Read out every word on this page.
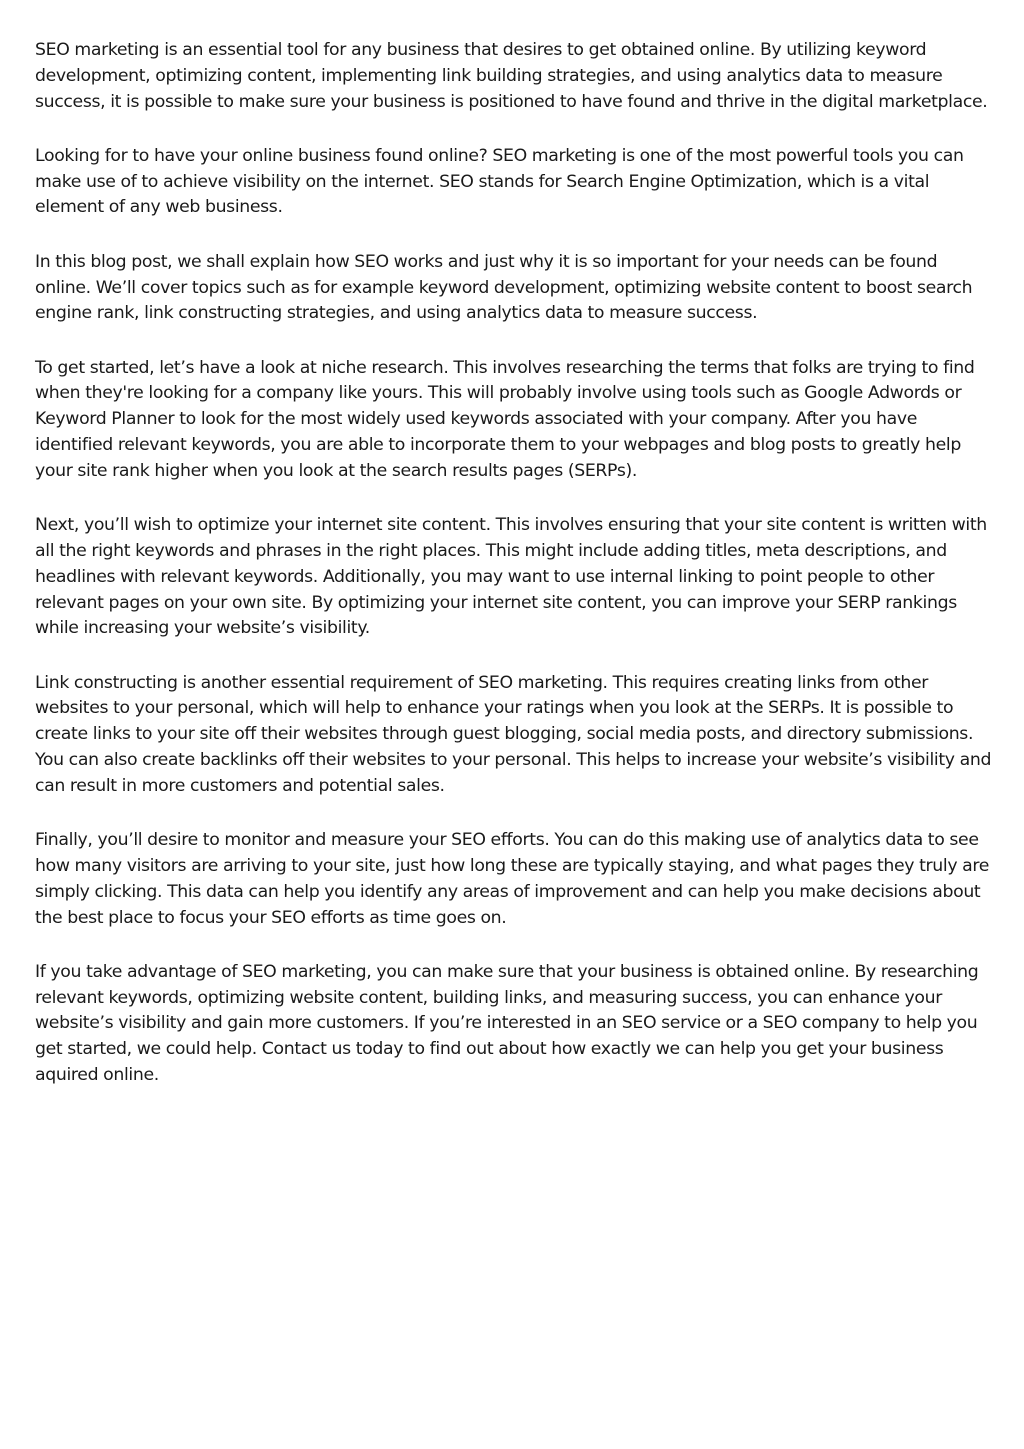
SEO marketing is an essential tool for any business that desires to get obtained online. By utilizing keyword development, optimizing content, implementing link building strategies, and using analytics data to measure success, it is possible to make sure your business is positioned to have found and thrive in the digital marketplace.

Looking for to have your online business found online? SEO marketing is one of the most powerful tools you can make use of to achieve visibility on the internet. SEO stands for Search Engine Optimization, which is a vital element of any web business.

In this blog post, we shall explain how SEO works and just why it is so important for your needs can be found online. We’ll cover topics such as for example keyword development, optimizing website content to boost search engine rank, link constructing strategies, and using analytics data to measure success.

To get started, let’s have a look at niche research. This involves researching the terms that folks are trying to find when they're looking for a company like yours. This will probably involve using tools such as Google Adwords or Keyword Planner to look for the most widely used keywords associated with your company. After you have identified relevant keywords, you are able to incorporate them to your webpages and blog posts to greatly help your site rank higher when you look at the search results pages (SERPs).

Next, you’ll wish to optimize your internet site content. This involves ensuring that your site content is written with all the right keywords and phrases in the right places. This might include adding titles, meta descriptions, and headlines with relevant keywords. Additionally, you may want to use internal linking to point people to other relevant pages on your own site. By optimizing your internet site content, you can improve your SERP rankings while increasing your website’s visibility.

Link constructing is another essential requirement of SEO marketing. This requires creating links from other websites to your personal, which will help to enhance your ratings when you look at the SERPs. It is possible to create links to your site off their websites through guest blogging, social media posts, and directory submissions. You can also create backlinks off their websites to your personal. This helps to increase your website’s visibility and can result in more customers and potential sales.

Finally, you’ll desire to monitor and measure your SEO efforts. You can do this making use of analytics data to see how many visitors are arriving to your site, just how long these are typically staying, and what pages they truly are simply clicking. This data can help you identify any areas of improvement and can help you make decisions about the best place to focus your SEO efforts as time goes on.

If you take advantage of SEO marketing, you can make sure that your business is obtained online. By researching relevant keywords, optimizing website content, building links, and measuring success, you can enhance your website’s visibility and gain more customers. If you’re interested in an SEO service or a SEO company to help you get started, we could help. Contact us today to find out about how exactly we can help you get your business aquired online.
